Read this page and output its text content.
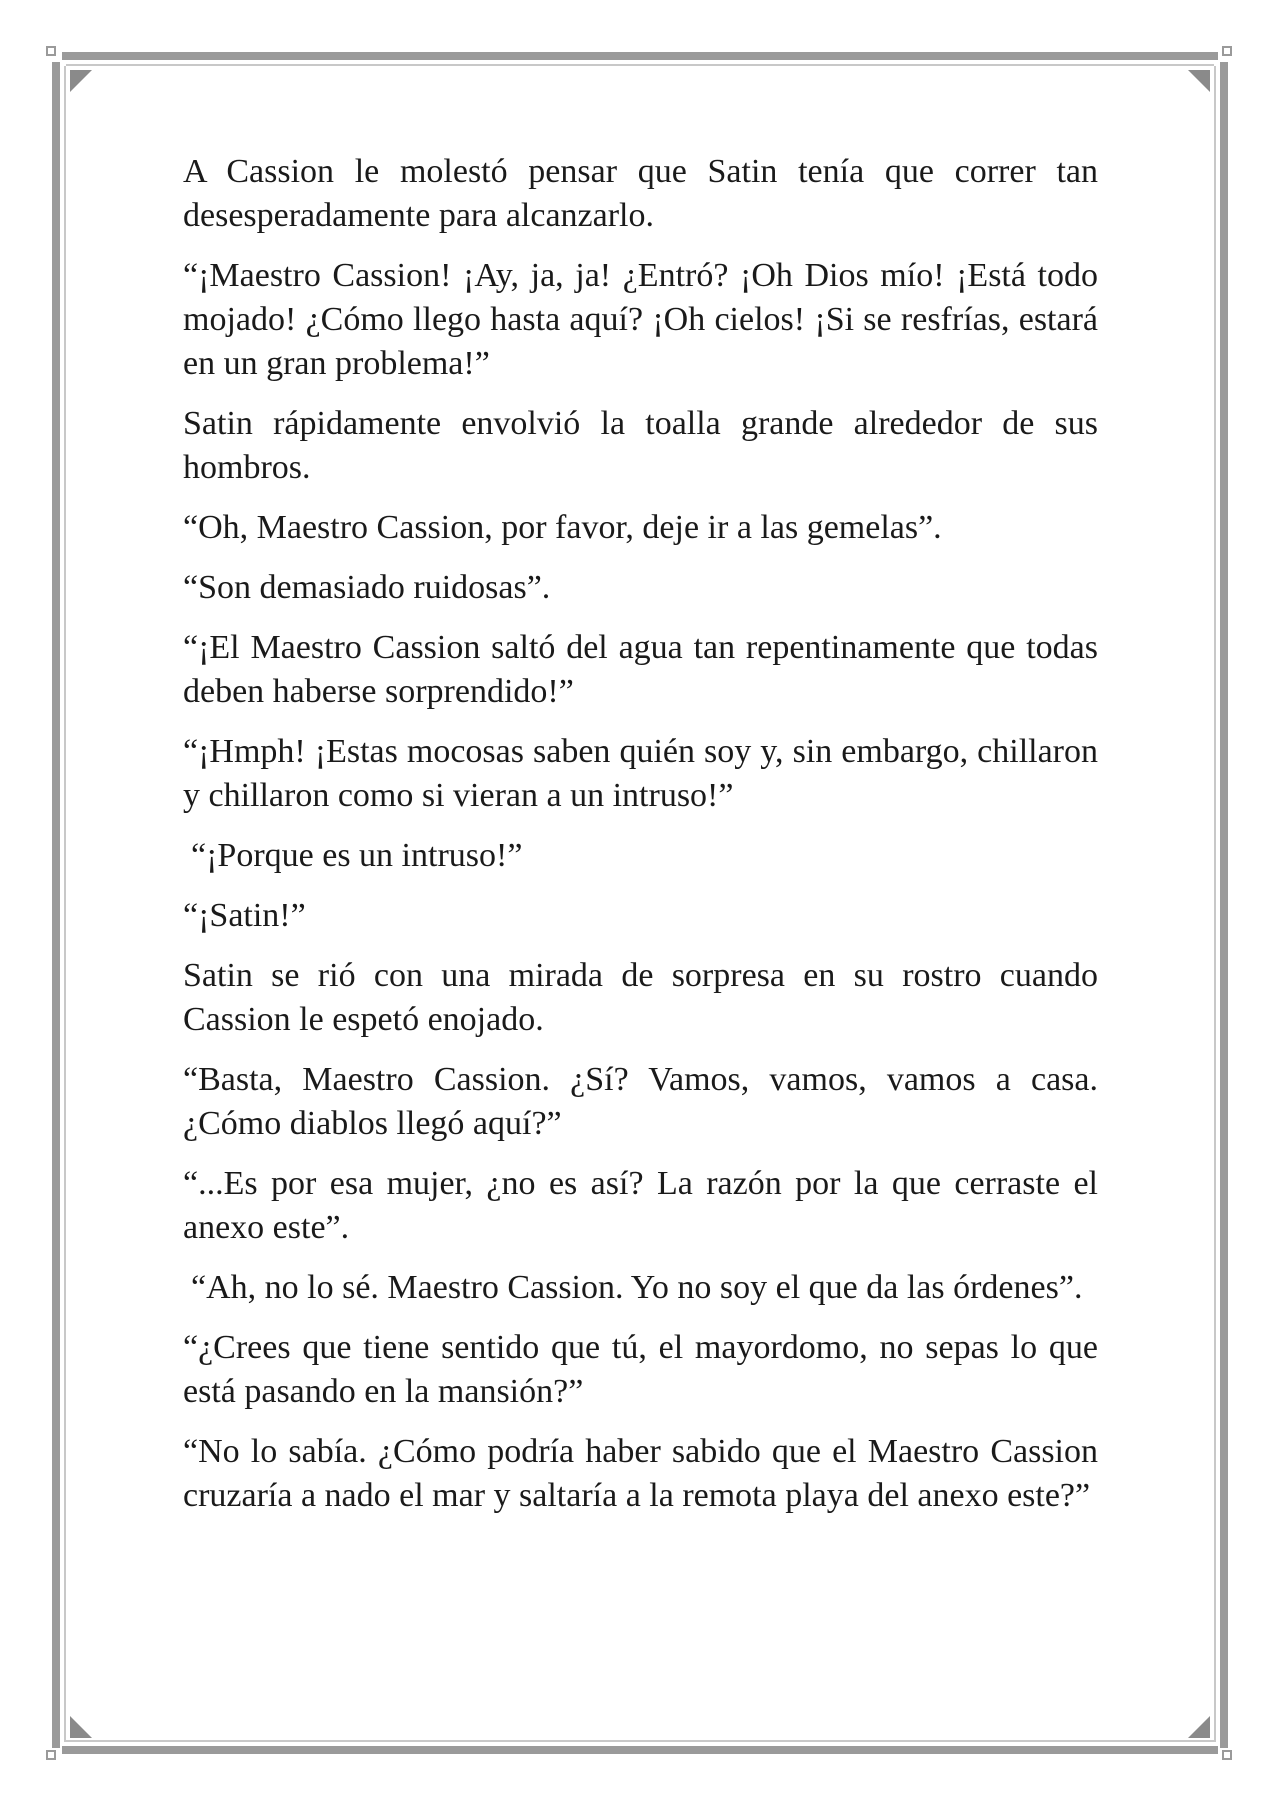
A Cassion le molestó pensar que Satin tenía que correr tan desesperadamente para alcanzarlo.

“¡Maestro Cassion! ¡Ay, ja, ja! ¿Entró? ¡Oh Dios mío! ¡Está todo mojado! ¿Cómo llego hasta aquí? ¡Oh cielos! ¡Si se resfrías, estará en un gran problema!”

Satin rápidamente envolvió la toalla grande alrededor de sus hombros.

“Oh, Maestro Cassion, por favor, deje ir a las gemelas”.

“Son demasiado ruidosas”.

“¡El Maestro Cassion saltó del agua tan repentinamente que todas deben haberse sorprendido!”

“¡Hmph! ¡Estas mocosas saben quién soy y, sin embargo, chillaron y chillaron como si vieran a un intruso!”

“¡Porque es un intruso!”

“¡Satin!”

Satin se rió con una mirada de sorpresa en su rostro cuando Cassion le espetó enojado.

“Basta, Maestro Cassion. ¿Sí? Vamos, vamos, vamos a casa. ¿Cómo diablos llegó aquí?”

“...Es por esa mujer, ¿no es así? La razón por la que cerraste el anexo este”.

“Ah, no lo sé. Maestro Cassion. Yo no soy el que da las órdenes”.

“¿Crees que tiene sentido que tú, el mayordomo, no sepas lo que está pasando en la mansión?”

“No lo sabía. ¿Cómo podría haber sabido que el Maestro Cassion cruzaría a nado el mar y saltaría a la remota playa del anexo este?”
